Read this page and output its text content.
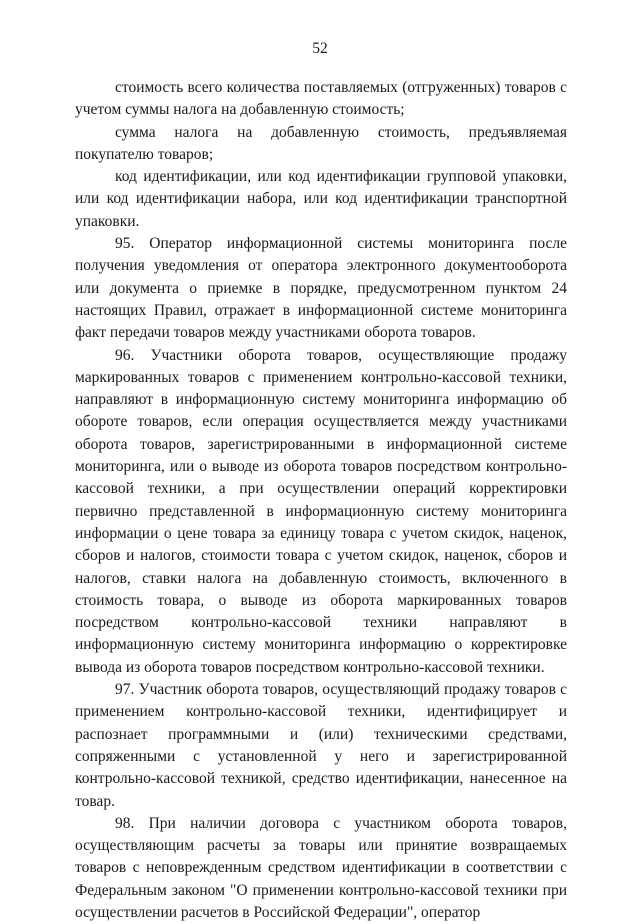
52

стоимость всего количества поставляемых (отгруженных) товаров с учетом суммы налога на добавленную стоимость;

сумма налога на добавленную стоимость, предъявляемая покупателю товаров;

код идентификации, или код идентификации групповой упаковки, или код идентификации набора, или код идентификации транспортной упаковки.

95. Оператор информационной системы мониторинга после получения уведомления от оператора электронного документооборота или документа о приемке в порядке, предусмотренном пунктом 24 настоящих Правил, отражает в информационной системе мониторинга факт передачи товаров между участниками оборота товаров.

96. Участники оборота товаров, осуществляющие продажу маркированных товаров с применением контрольно-кассовой техники, направляют в информационную систему мониторинга информацию об обороте товаров, если операция осуществляется между участниками оборота товаров, зарегистрированными в информационной системе мониторинга, или о выводе из оборота товаров посредством контрольно-кассовой техники, а при осуществлении операций корректировки первично представленной в информационную систему мониторинга информации о цене товара за единицу товара с учетом скидок, наценок, сборов и налогов, стоимости товара с учетом скидок, наценок, сборов и налогов, ставки налога на добавленную стоимость, включенного в стоимость товара, о выводе из оборота маркированных товаров посредством контрольно-кассовой техники направляют в информационную систему мониторинга информацию о корректировке вывода из оборота товаров посредством контрольно-кассовой техники.

97. Участник оборота товаров, осуществляющий продажу товаров с применением контрольно-кассовой техники, идентифицирует и распознает программными и (или) техническими средствами, сопряженными с установленной у него и зарегистрированной контрольно-кассовой техникой, средство идентификации, нанесенное на товар.

98. При наличии договора с участником оборота товаров, осуществляющим расчеты за товары или принятие возвращаемых товаров с неповрежденным средством идентификации в соответствии с Федеральным законом "О применении контрольно-кассовой техники при осуществлении расчетов в Российской Федерации", оператор
